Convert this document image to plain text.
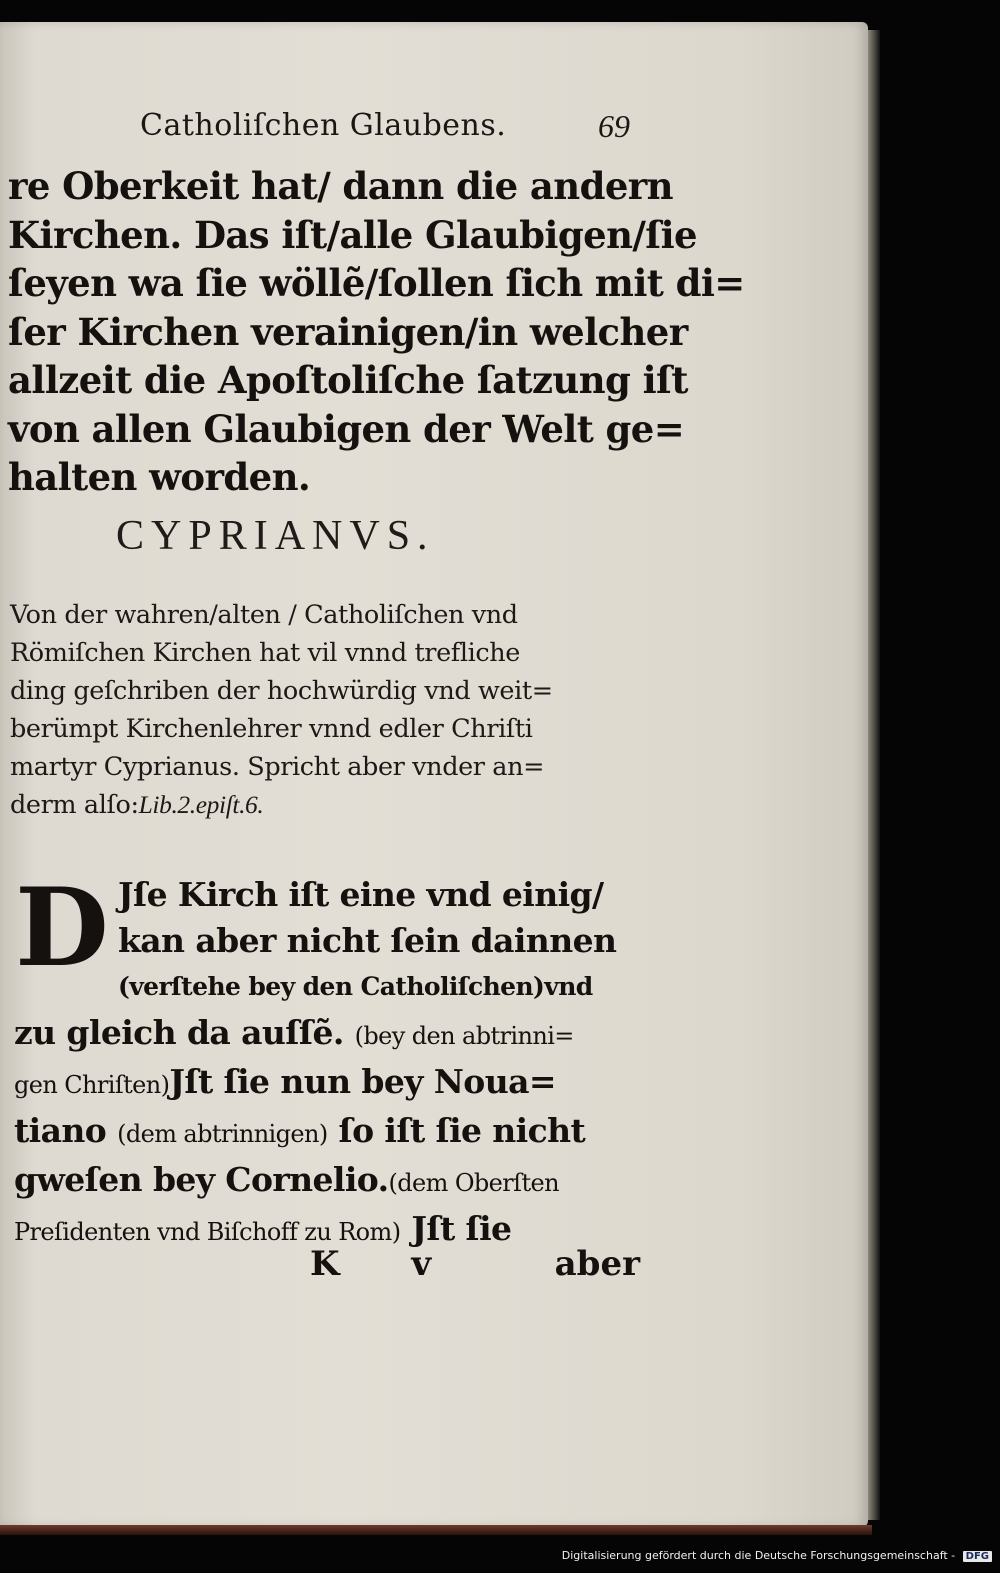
Catholiſchen Glaubens.	69
re Oberkeit hat/ dann die andern
Kirchen. Das iſt/alle Glaubigen/ſie
ſeyen wa ſie wöllẽ/ſollen ſich mit di=
ſer Kirchen verainigen/in welcher
allzeit die Apoſtoliſche ſatzung iſt
von allen Glaubigen der Welt ge=
halten worden.
CYPRIANVS.
Von der wahren/alten / Catholiſchen vnd
Römiſchen Kirchen hat vil vnnd trefliche
ding geſchriben der hochwürdig vnd weit=
berümpt Kirchenlehrer vnnd edler Chriſti
martyr Cyprianus. Spricht aber vnder an=
derm alſo:Lib.2.epiſt.6.
D Jſe Kirch iſt eine vnd einig/
kan aber nicht ſein dainnen
(verſtehe bey den Catholiſchen)vnd
zu gleich da auſſẽ. (bey den abtrinni=
gen Chriſten)Jſt ſie nun bey Noua=
tiano (dem abtrinnigen) ſo iſt ſie nicht
gweſen bey Cornelio.(dem Oberſten
Preſidenten vnd Biſchoff zu Rom) Jſt ſie
K v	aber
Digitalisierung gefördert durch die Deutsche Forschungsgemeinschaft - DFG
